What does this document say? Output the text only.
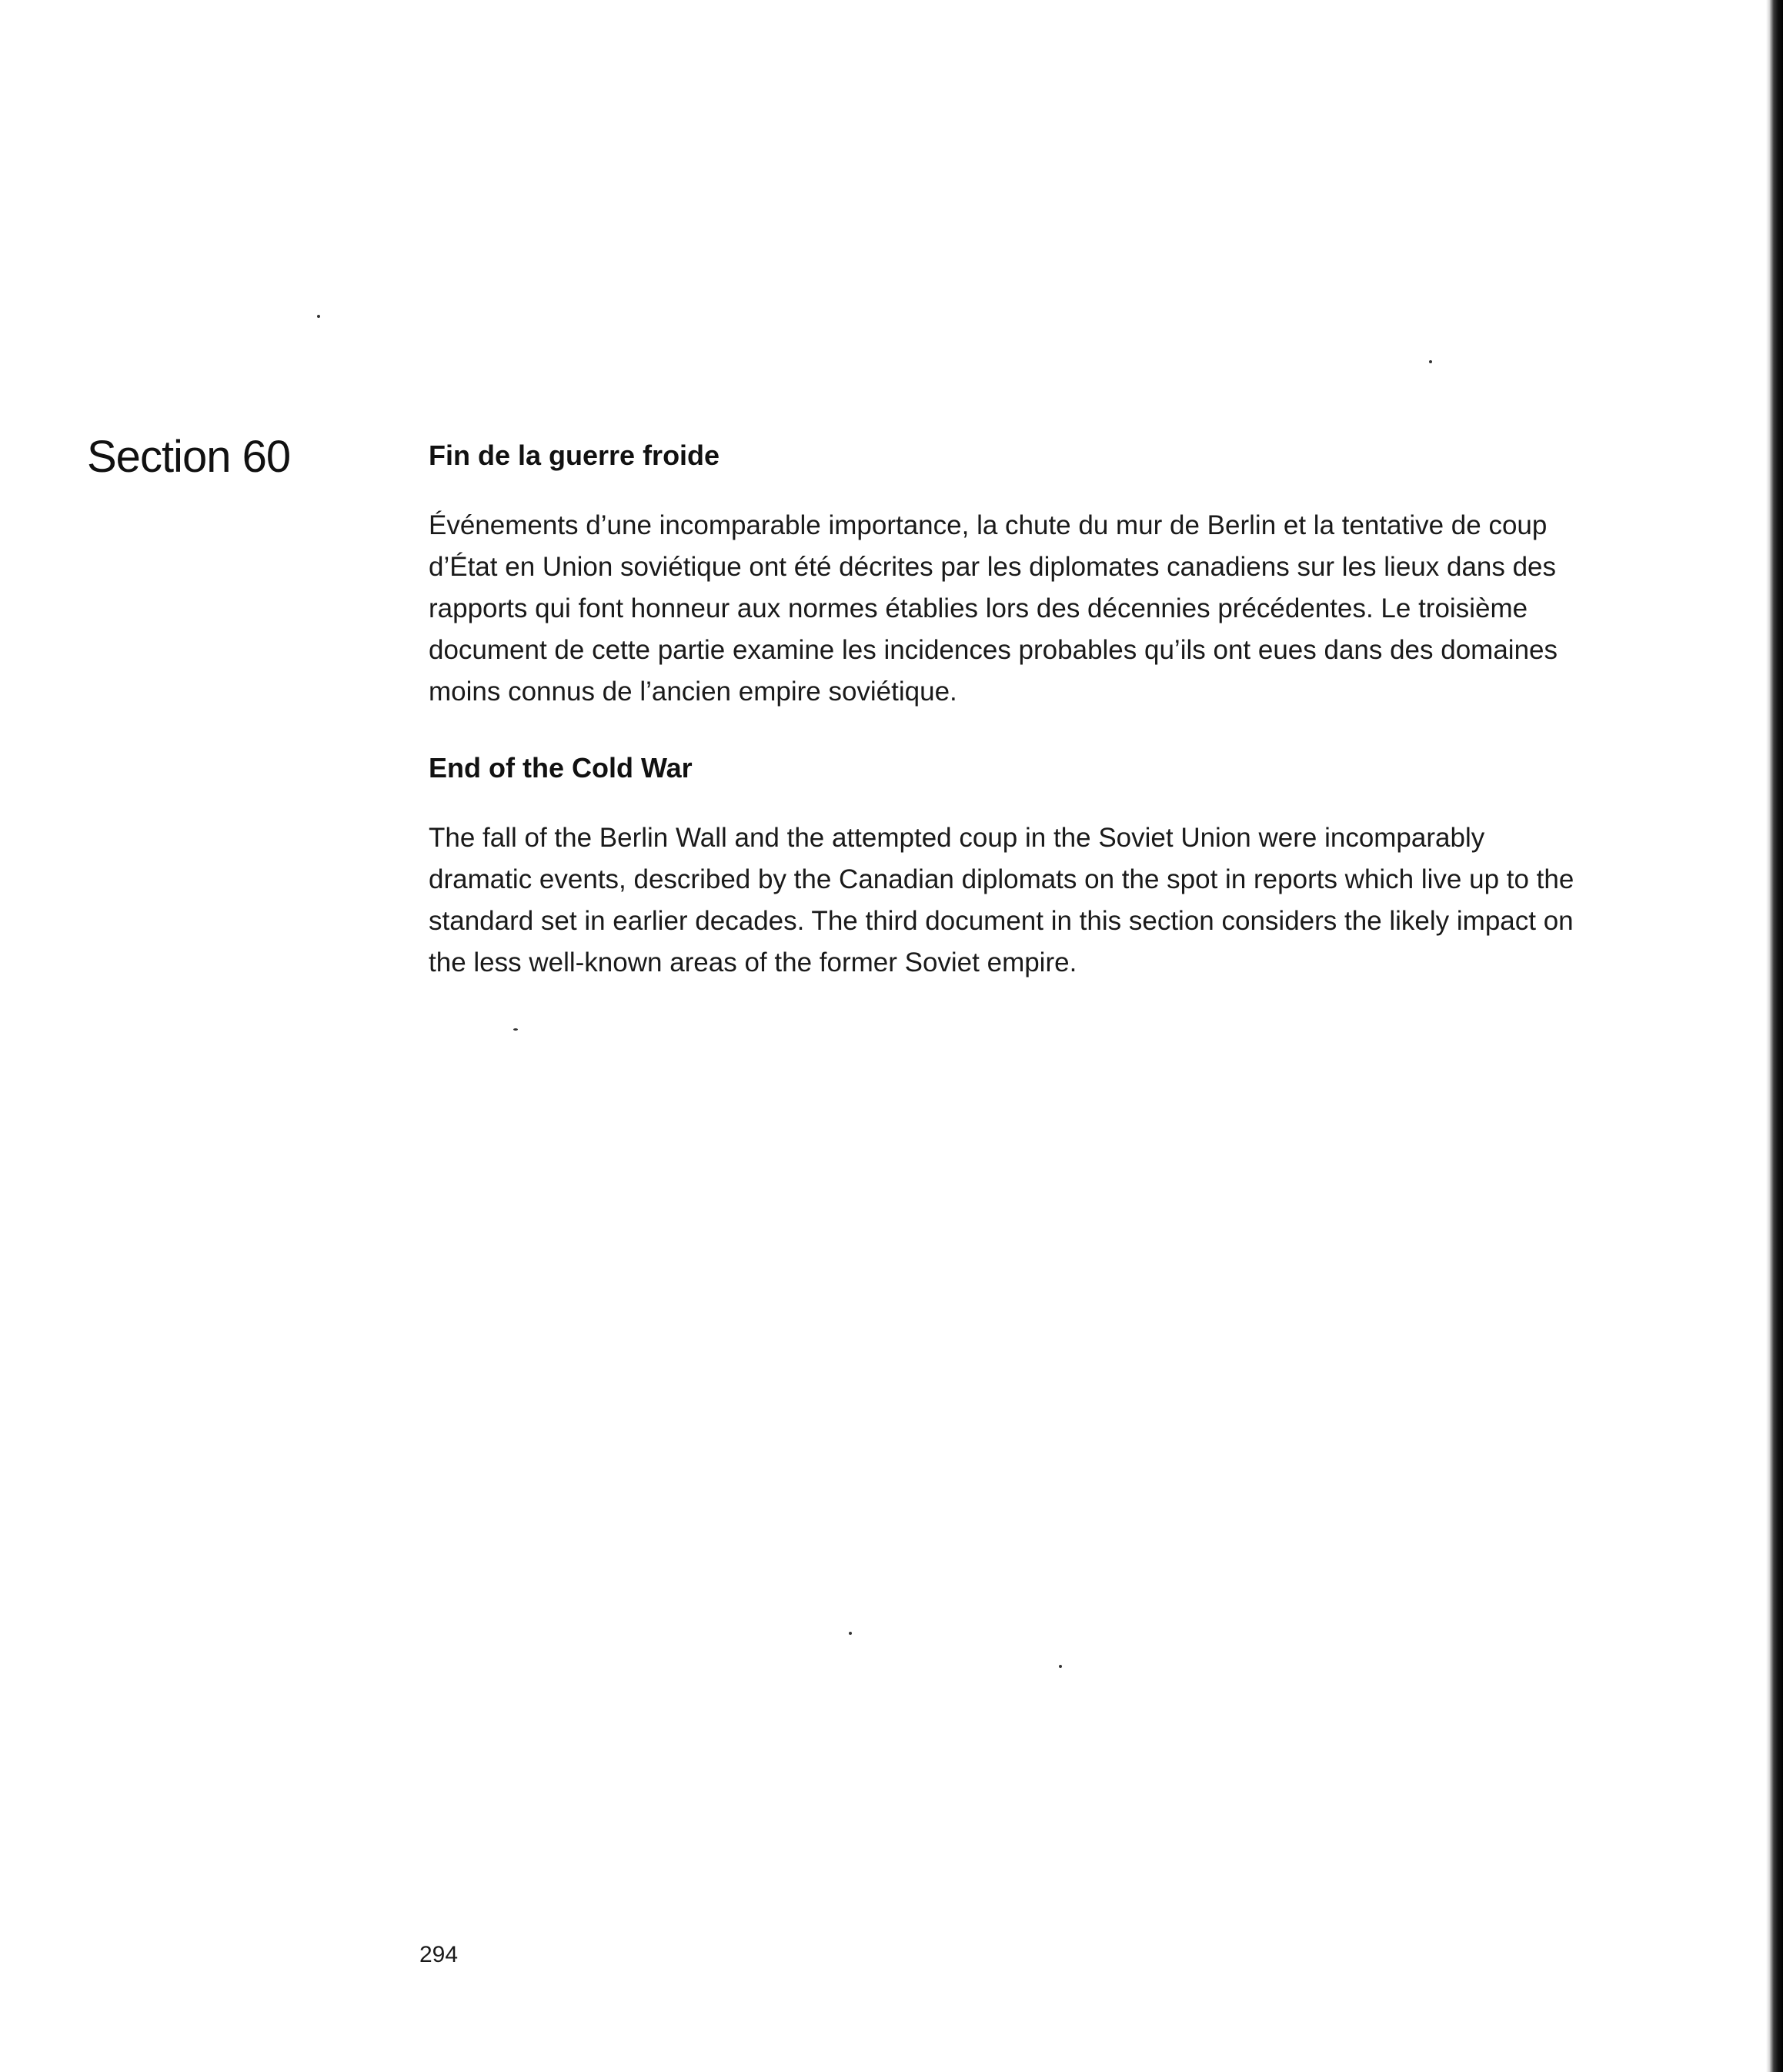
Section 60	Fin de la guerre froide

Événements d’une incomparable importance, la chute du mur de Berlin et la tentative de coup d’État en Union soviétique ont été décrites par les diplomates canadiens sur les lieux dans des rapports qui font honneur aux normes établies lors des décennies précédentes. Le troisième document de cette partie examine les incidences probables qu’ils ont eues dans des domaines moins connus de l’ancien empire soviétique.

End of the Cold War

The fall of the Berlin Wall and the attempted coup in the Soviet Union were incomparably dramatic events, described by the Canadian diplomats on the spot in reports which live up to the standard set in earlier decades. The third document in this section considers the likely impact on the less well-known areas of the former Soviet empire.

294
